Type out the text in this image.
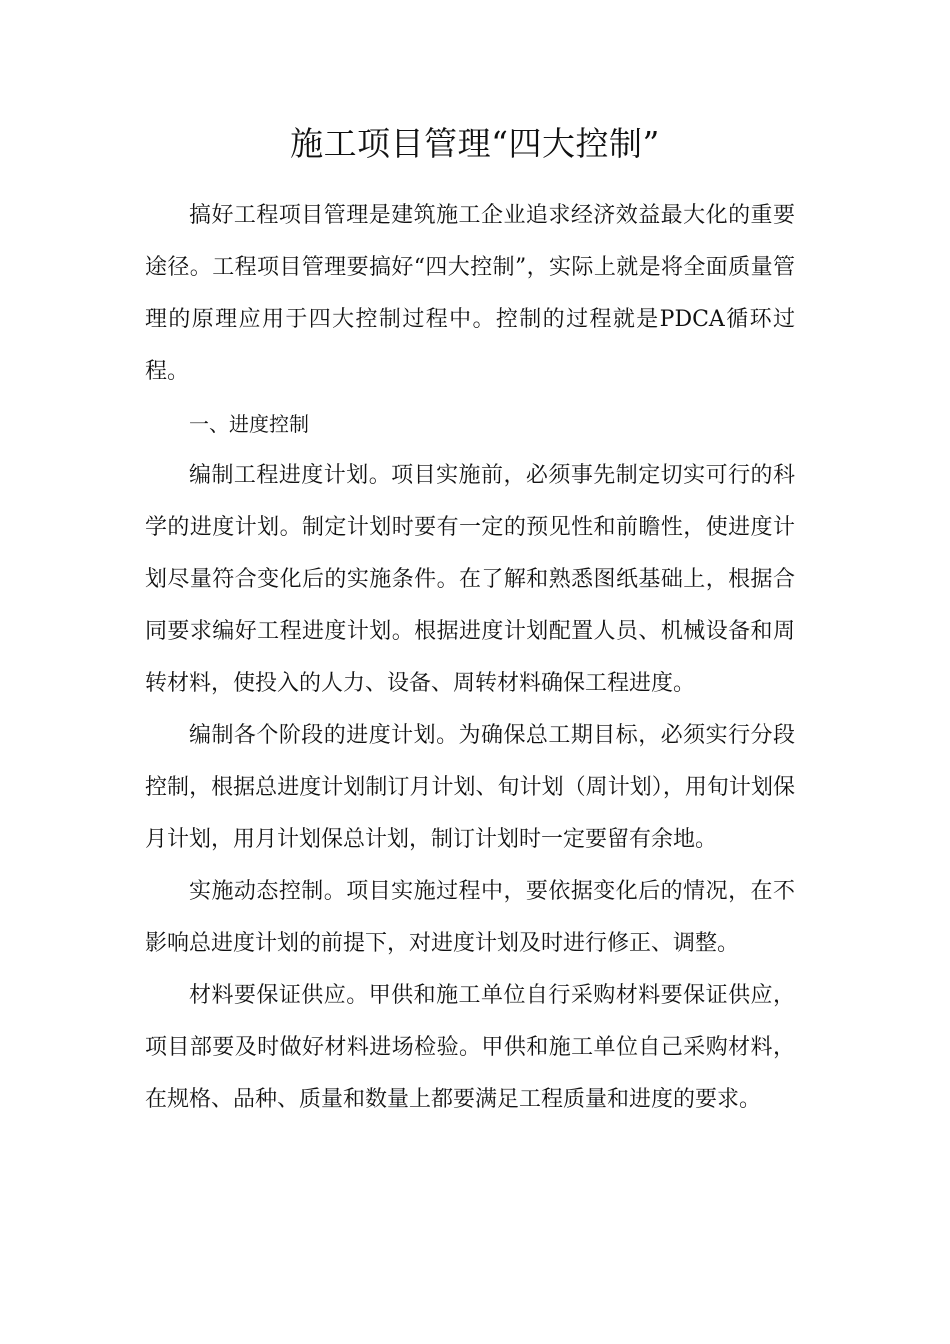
施工项目管理“四大控制”

搞好工程项目管理是建筑施工企业追求经济效益最大化的重要途径。工程项目管理要搞好“四大控制”，实际上就是将全面质量管理的原理应用于四大控制过程中。控制的过程就是PDCA循环过程。

一、进度控制

编制工程进度计划。项目实施前，必须事先制定切实可行的科学的进度计划。制定计划时要有一定的预见性和前瞻性，使进度计划尽量符合变化后的实施条件。在了解和熟悉图纸基础上，根据合同要求编好工程进度计划。根据进度计划配置人员、机械设备和周转材料，使投入的人力、设备、周转材料确保工程进度。

编制各个阶段的进度计划。为确保总工期目标，必须实行分段控制，根据总进度计划制订月计划、旬计划（周计划），用旬计划保月计划，用月计划保总计划，制订计划时一定要留有余地。

实施动态控制。项目实施过程中，要依据变化后的情况，在不影响总进度计划的前提下，对进度计划及时进行修正、调整。

材料要保证供应。甲供和施工单位自行采购材料要保证供应，项目部要及时做好材料进场检验。甲供和施工单位自己采购材料，在规格、品种、质量和数量上都要满足工程质量和进度的要求。
